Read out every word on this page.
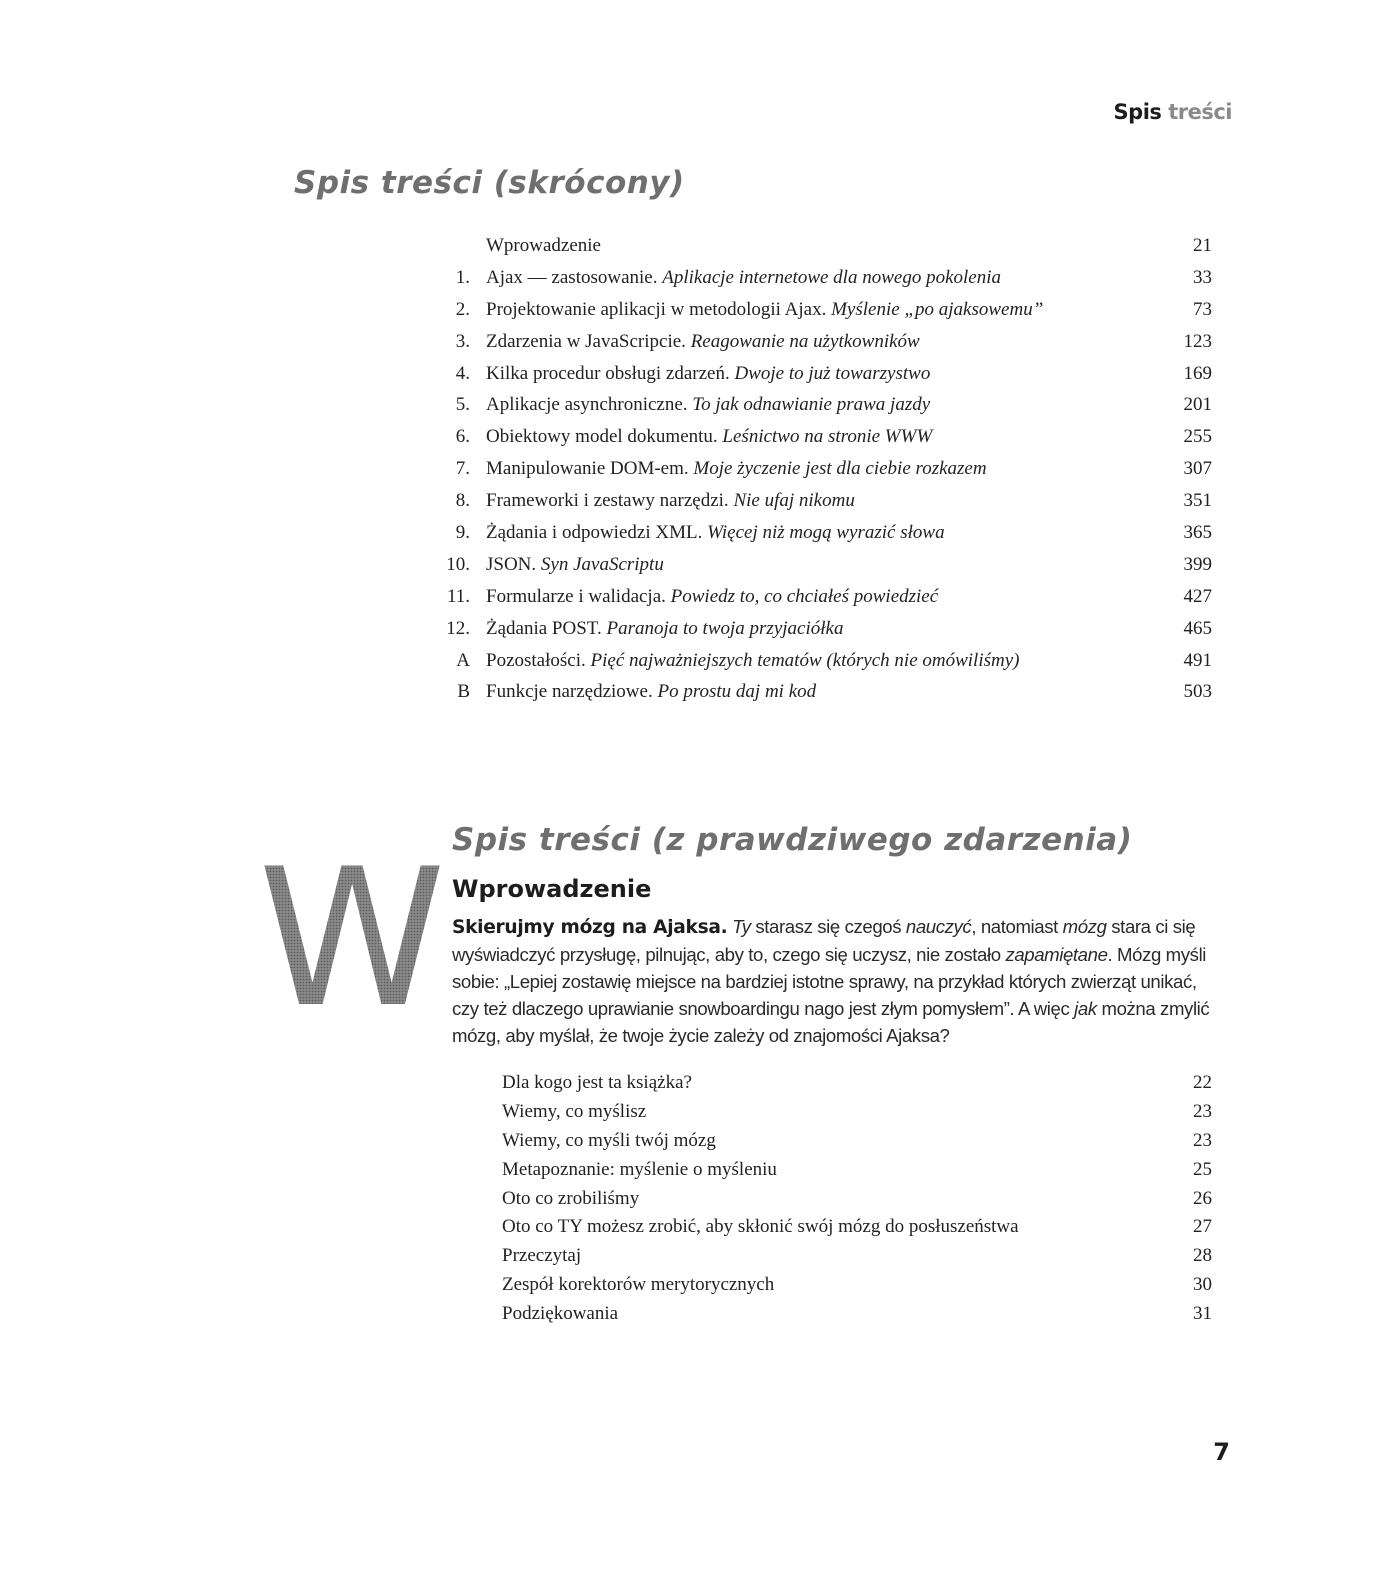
Spis treści
Spis treści (skrócony)
Wprowadzenie	21
1. Ajax — zastosowanie. Aplikacje internetowe dla nowego pokolenia	33
2. Projektowanie aplikacji w metodologii Ajax. Myślenie „po ajaksowemu”	73
3. Zdarzenia w JavaScripcie. Reagowanie na użytkowników	123
4. Kilka procedur obsługi zdarzeń. Dwoje to już towarzystwo	169
5. Aplikacje asynchroniczne. To jak odnawianie prawa jazdy	201
6. Obiektowy model dokumentu. Leśnictwo na stronie WWW	255
7. Manipulowanie DOM-em. Moje życzenie jest dla ciebie rozkazem	307
8. Frameworki i zestawy narzędzi. Nie ufaj nikomu	351
9. Żądania i odpowiedzi XML. Więcej niż mogą wyrazić słowa	365
10. JSON. Syn JavaScriptu	399
11. Formularze i walidacja. Powiedz to, co chciałeś powiedzieć	427
12. Żądania POST. Paranoja to twoja przyjaciółka	465
A Pozostałości. Pięć najważniejszych tematów (których nie omówiliśmy)	491
B Funkcje narzędziowe. Po prostu daj mi kod	503
Spis treści (z prawdziwego zdarzenia)
W Wprowadzenie
Skierujmy mózg na Ajaksa. Ty starasz się czegoś nauczyć, natomiast mózg stara ci się wyświadczyć przysługę, pilnując, aby to, czego się uczysz, nie zostało zapamiętane. Mózg myśli sobie: „Lepiej zostawię miejsce na bardziej istotne sprawy, na przykład których zwierząt unikać, czy też dlaczego uprawianie snowboardingu nago jest złym pomysłem”. A więc jak można zmylić mózg, aby myślał, że twoje życie zależy od znajomości Ajaksa?
Dla kogo jest ta książka?	22
Wiemy, co myślisz	23
Wiemy, co myśli twój mózg	23
Metapoznanie: myślenie o myśleniu	25
Oto co zrobiliśmy	26
Oto co TY możesz zrobić, aby skłonić swój mózg do posłuszeństwa	27
Przeczytaj	28
Zespół korektorów merytorycznych	30
Podziękowania	31
7
